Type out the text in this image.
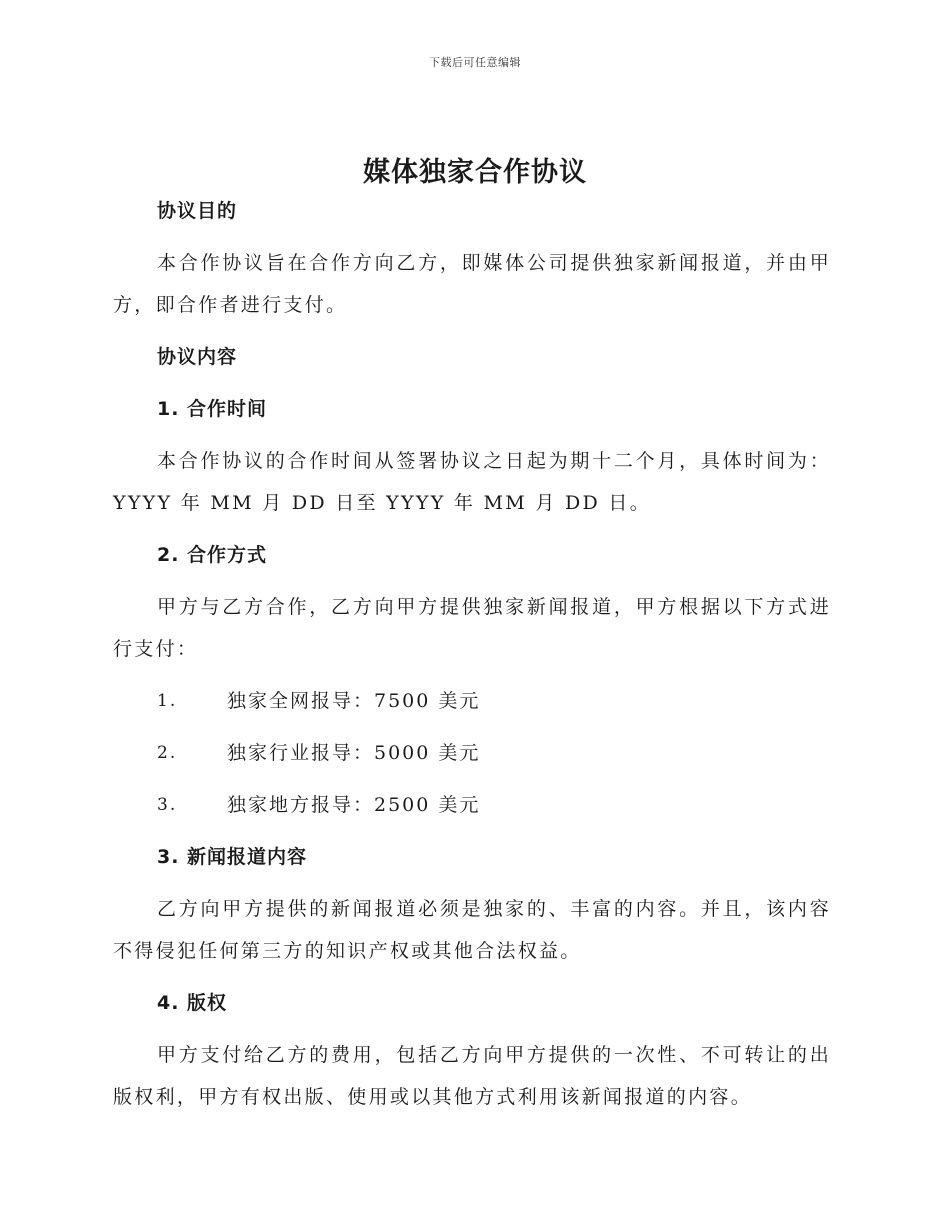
下载后可任意编辑
媒体独家合作协议
协议目的
本合作协议旨在合作方向乙方，即媒体公司提供独家新闻报道，并由甲方，即合作者进行支付。
协议内容
1. 合作时间
本合作协议的合作时间从签署协议之日起为期十二个月，具体时间为：YYYY 年 MM 月 DD 日至 YYYY 年 MM 月 DD 日。
2. 合作方式
甲方与乙方合作，乙方向甲方提供独家新闻报道，甲方根据以下方式进行支付：
1.	独家全网报导：7500 美元
2.	独家行业报导：5000 美元
3.	独家地方报导：2500 美元
3. 新闻报道内容
乙方向甲方提供的新闻报道必须是独家的、丰富的内容。并且，该内容不得侵犯任何第三方的知识产权或其他合法权益。
4. 版权
甲方支付给乙方的费用，包括乙方向甲方提供的一次性、不可转让的出版权利，甲方有权出版、使用或以其他方式利用该新闻报道的内容。
